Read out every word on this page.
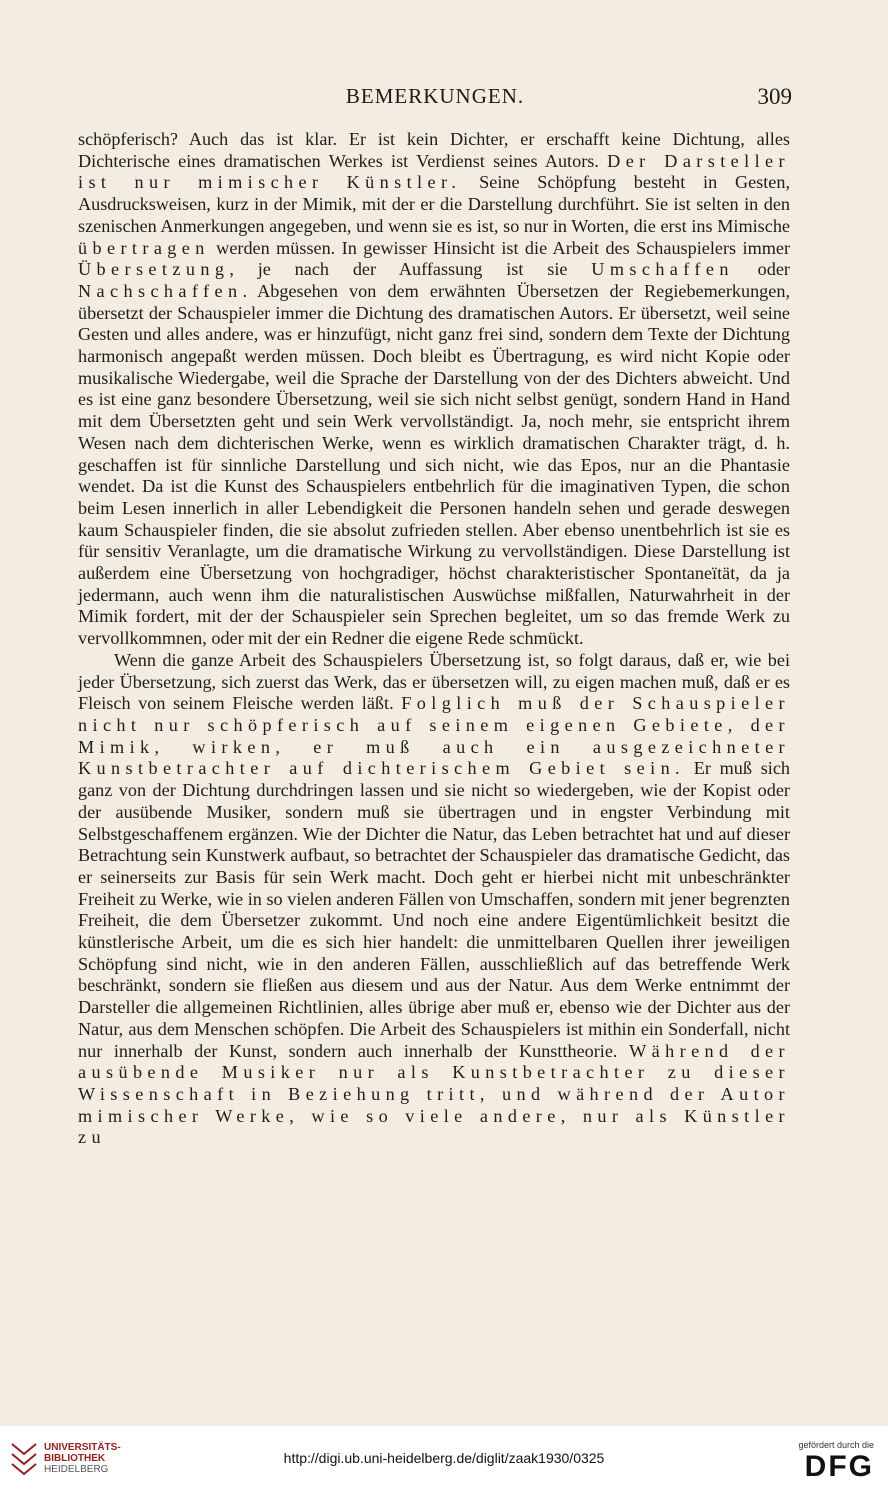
BEMERKUNGEN.	309

schöpferisch? Auch das ist klar. Er ist kein Dichter, er erschafft keine Dichtung, alles Dichterische eines dramatischen Werkes ist Verdienst seines Autors. Der Darsteller ist nur mimischer Künstler. Seine Schöpfung besteht in Gesten, Ausdrucksweisen, kurz in der Mimik, mit der er die Darstellung durchführt. Sie ist selten in den szenischen Anmerkungen angegeben, und wenn sie es ist, so nur in Worten, die erst ins Mimische übertragen werden müssen. In gewisser Hinsicht ist die Arbeit des Schauspielers immer Übersetzung, je nach der Auffassung ist sie Umschaffen oder Nachschaffen. Abgesehen von dem erwähnten Übersetzen der Regiebemerkungen, übersetzt der Schauspieler immer die Dichtung des dramatischen Autors. Er übersetzt, weil seine Gesten und alles andere, was er hinzufügt, nicht ganz frei sind, sondern dem Texte der Dichtung harmonisch angepaßt werden müssen. Doch bleibt es Übertragung, es wird nicht Kopie oder musikalische Wiedergabe, weil die Sprache der Darstellung von der des Dichters abweicht. Und es ist eine ganz besondere Übersetzung, weil sie sich nicht selbst genügt, sondern Hand in Hand mit dem Übersetzten geht und sein Werk vervollständigt. Ja, noch mehr, sie entspricht ihrem Wesen nach dem dichterischen Werke, wenn es wirklich dramatischen Charakter trägt, d. h. geschaffen ist für sinnliche Darstellung und sich nicht, wie das Epos, nur an die Phantasie wendet. Da ist die Kunst des Schauspielers entbehrlich für die imaginativen Typen, die schon beim Lesen innerlich in aller Lebendigkeit die Personen handeln sehen und gerade deswegen kaum Schauspieler finden, die sie absolut zufrieden stellen. Aber ebenso unentbehrlich ist sie es für sensitiv Veranlagte, um die dramatische Wirkung zu vervollständigen. Diese Darstellung ist außerdem eine Übersetzung von hochgradiger, höchst charakteristischer Spontaneïtät, da ja jedermann, auch wenn ihm die naturalistischen Auswüchse mißfallen, Naturwahrheit in der Mimik fordert, mit der der Schauspieler sein Sprechen begleitet, um so das fremde Werk zu vervollkommnen, oder mit der ein Redner die eigene Rede schmückt.

Wenn die ganze Arbeit des Schauspielers Übersetzung ist, so folgt daraus, daß er, wie bei jeder Übersetzung, sich zuerst das Werk, das er übersetzen will, zu eigen machen muß, daß er es Fleisch von seinem Fleische werden läßt. Folglich muß der Schauspieler nicht nur schöpferisch auf seinem eigenen Gebiete, der Mimik, wirken, er muß auch ein ausgezeichneter Kunstbetrachter auf dichterischem Gebiet sein. Er muß sich ganz von der Dichtung durchdringen lassen und sie nicht so wiedergeben, wie der Kopist oder der ausübende Musiker, sondern muß sie übertragen und in engster Verbindung mit Selbstgeschaffenem ergänzen. Wie der Dichter die Natur, das Leben betrachtet hat und auf dieser Betrachtung sein Kunstwerk aufbaut, so betrachtet der Schauspieler das dramatische Gedicht, das er seinerseits zur Basis für sein Werk macht. Doch geht er hierbei nicht mit unbeschränkter Freiheit zu Werke, wie in so vielen anderen Fällen von Umschaffen, sondern mit jener begrenzten Freiheit, die dem Übersetzer zukommt. Und noch eine andere Eigentümlichkeit besitzt die künstlerische Arbeit, um die es sich hier handelt: die unmittelbaren Quellen ihrer jeweiligen Schöpfung sind nicht, wie in den anderen Fällen, ausschließlich auf das betreffende Werk beschränkt, sondern sie fließen aus diesem und aus der Natur. Aus dem Werke entnimmt der Darsteller die allgemeinen Richtlinien, alles übrige aber muß er, ebenso wie der Dichter aus der Natur, aus dem Menschen schöpfen. Die Arbeit des Schauspielers ist mithin ein Sonderfall, nicht nur innerhalb der Kunst, sondern auch innerhalb der Kunsttheorie. Während der ausübende Musiker nur als Kunstbetrachter zu dieser Wissenschaft in Beziehung tritt, und während der Autor mimischer Werke, wie so viele andere, nur als Künstler zu

UNIVERSITÄTS-
BIBLIOTHEK
HEIDELBERG
http://digi.ub.uni-heidelberg.de/diglit/zaak1930/0325
gefördert durch die
DFG
